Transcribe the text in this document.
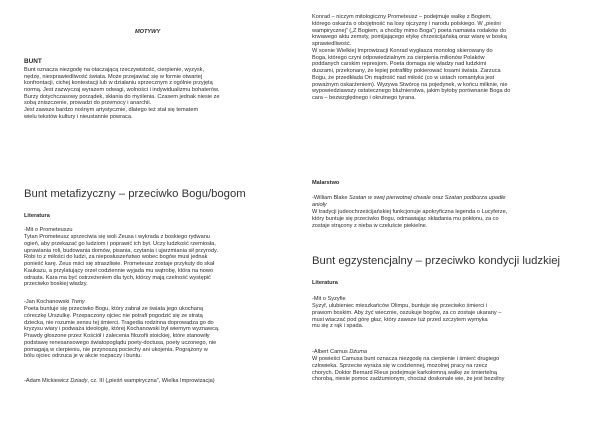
MOTYWY
BUNT
Bunt oznacza niezgodę na otaczającą rzeczywistość, cierpienie, wyzysk,
nędzę, niesprawiedliwość świata. Może przejawiać się w formie otwartej
konfrontacji, cichej kontestacji lub w działaniu sprzecznym z ogólnie przyjętą
normą. Jest zazwyczaj wyrazem odwagi, wolności i indywidualizmu bohaterów.
Burzy dotychczasowy porządek, skłania do myślenia. Czasem jednak niesie ze
sobą zniszczenie, prowadzi do przemocy i anarchii.
Jest zawsze bardzo nośnym artystycznie, dlatego też stał się tematem
wielu tekstów kultury i nieustannie powraca.
Bunt metafizyczny – przeciwko Bogu/bogom
Literatura
-Mit o Prometeuszu
Tytan Prometeusz sprzeciwia się woli Zeusa i wykrada z boskiego rydwanu
ogień, aby przekazać go ludziom i poprawić ich byt. Uczy ludzkość rzemiosła,
uprawiania roli, budowania domów, pisania, czytania i ujarzmiania sił przyrody.
Robi to z miłości do ludzi, za nieposłuszeństwo wobec bogów musi jednak
ponieść karę. Zeus mści się straszliwie. Prometeusz zostaje przykuty do skał
Kaukazu, a przylatujący orzeł codziennie wyjada mu wątrobę, która na nowo
odrasta. Kara ma być ostrzeżeniem dla tych, którzy mają czelność występić
przeciwko boskiej władzy.
-Jan Kochanowski Treny
Poeta buntuje się przeciwko Bogu, który zabrał ze świata jego ukochaną
córeczkę Urszulkę. Przepaczony ojciec nie potrafi pogodzić się ze stratą
dziecka, nie rozumie sensu tej śmierci. Tragedia rodzinna doprowadza go do
kryzysu wiary i podważa ideologię, której Kochanowski był wiernym wyznawcą.
Prawdy głoszone przez Kościół i zalecenia filozofii stoickiej, które stanowiły
podstawę renesansowego światopoglądu poety-doctusa, poety uczonego, nie
pomagają w cierpieniu, nie przynoszą pociechy ani ukojenia. Pogrążony w
bólu ojciec odrzuca je w akcie rozpaczy i buntu.
-Adam Mickiewicz Dziady, cz. III („pieśń wampiryczna”, Wielka Improwizacja)
Konrad – niczym mitologiczny Prometeusz – podejmuje walkę z Bogiem,
którego oskarża o obojętność na losy ojczyzny i narodu polskiego. W „pieśni
wampirycznej” („Z Bogiem, a choćby mimo Boga”) poeta namawia rodaków do
krwawego aktu zemsty, pomijającego etykę chrześcijańską oraz wiarę w boską
sprawiedliwość.
W scenie Wielkiej Improwizacji Konrad wygłasza monolog skierowany do
Boga, którego czyni odpowiedzialnym za cierpienia milionów Polaków
poddanych carskim represjom. Poeta domaga się władzy nad ludzkimi
duszami, przekonany, że lepiej potrafiłby pokierować losami świata. Zarzuca
Bogu, że przedkłada On mądrość nad miłość (co w ustach romantyka jest
poważnym oskarżeniem). Wyzywa Stwórcę na pojedynek, w końcu milknie, nie
wypowiedziawszy ostatecznego bluźnierstwa, jakim byłoby porównanie Boga do
cara – bezwzględnego i okrutnego tyrana.
Malarstwo
-William Blake Szatan w swej pierwotnej chwale oraz Szatan podburza upadłe
anioły
W tradycji judeochrześcijańskiej funkcjonuje apokryficzna legenda o Lucyferze,
który buntuje się przeciwko Bogu, odmawiając składania mu pokłonu, za co
zostaje strącony z nieba w czeluście piekielne.
Bunt egzystencjalny – przeciwko kondycji ludzkiej
Literatura
-Mit o Syzyfie
Syzyf, ulubieniec mieszkańców Olimpu, buntuje się przeciwko śmierci i
prawom boskim. Aby żyć wiecznie, oszukuje bogów, za co zostaje ukarany –
musi wtaczać pod górę głaz, który zawsze tuż przed szczytem wymyka
mu się z rąk i spada.
-Albert Camus Dżuma
W powieści Camusa bunt oznacza niezgodę na cierpienie i śmierć drugiego
człowieka. Sprzeciw wyraża się w codziennej, mozolnej pracy na rzecz
chorych. Doktor Bernard Rieux podejmuje karkołomną walkę ze śmiertelną
chorobą, niesie pomoc zadżumionym, chociaż doskonale wie, że jest bezsilny
